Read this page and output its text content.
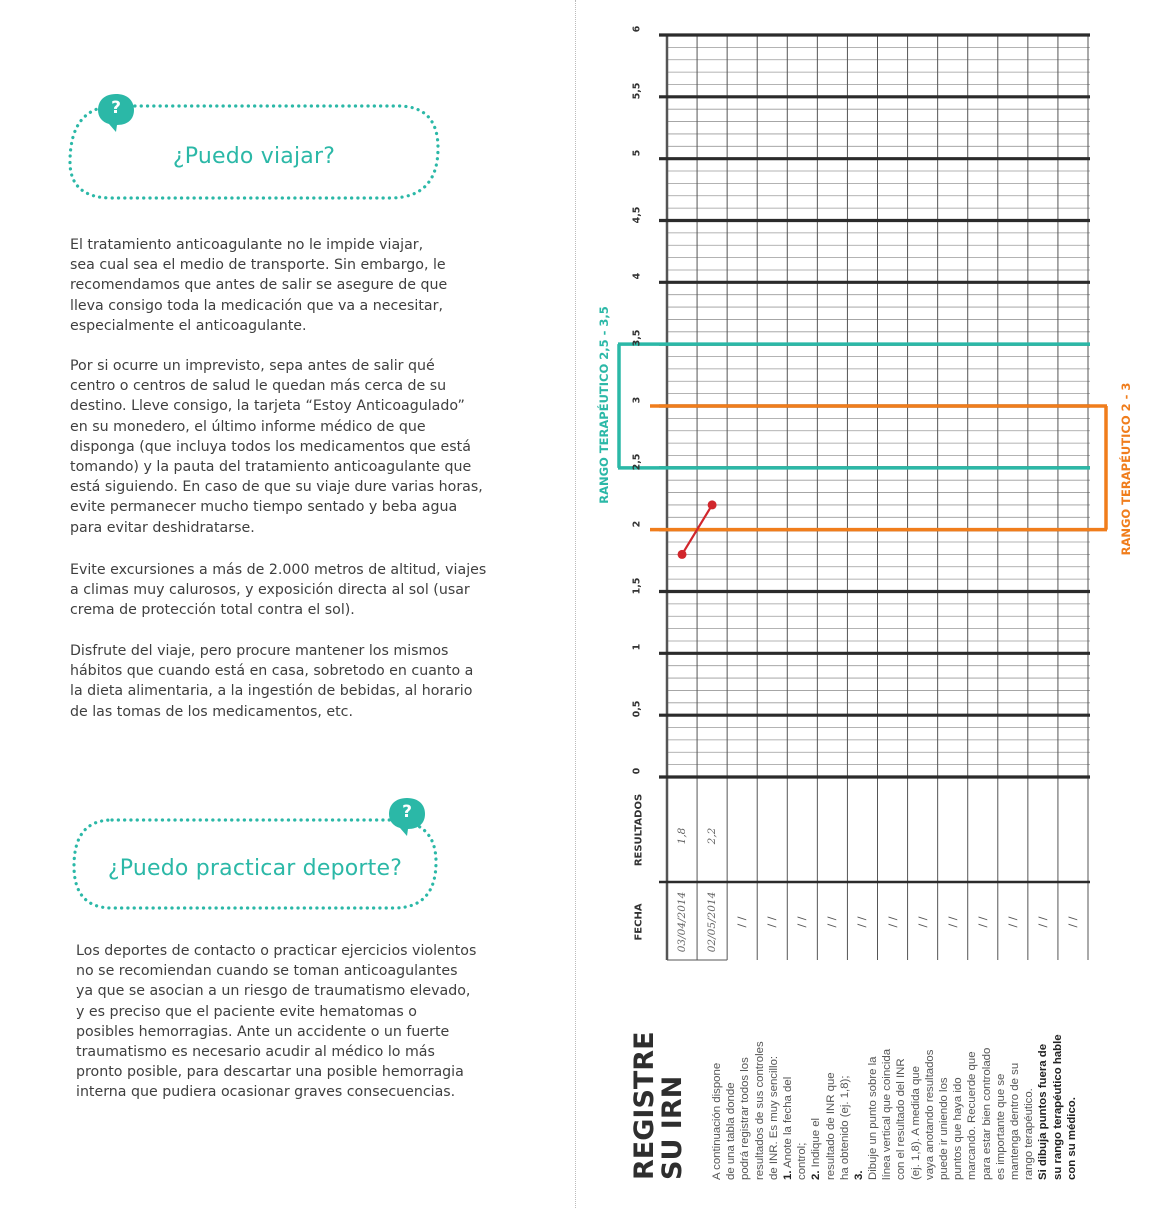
¿Puedo viajar?
?

El tratamiento anticoagulante no le impide viajar,
sea cual sea el medio de transporte. Sin embargo, le
recomendamos que antes de salir se asegure de que
lleva consigo toda la medicación que va a necesitar,
especialmente el anticoagulante.

Por si ocurre un imprevisto, sepa antes de salir qué
centro o centros de salud le quedan más cerca de su
destino. Lleve consigo, la tarjeta “Estoy Anticoagulado”
en su monedero, el último informe médico de que
disponga (que incluya todos los medicamentos que está
tomando) y la pauta del tratamiento anticoagulante que
está siguiendo. En caso de que su viaje dure varias horas,
evite permanecer mucho tiempo sentado y beba agua
para evitar deshidratarse.

Evite excursiones a más de 2.000 metros de altitud, viajes
a climas muy calurosos, y exposición directa al sol (usar
crema de protección total contra el sol).

Disfrute del viaje, pero procure mantener los mismos
hábitos que cuando está en casa, sobretodo en cuanto a
la dieta alimentaria, a la ingestión de bebidas, al horario
de las tomas de los medicamentos, etc.

¿Puedo practicar deporte?
?

Los deportes de contacto o practicar ejercicios violentos
no se recomiendan cuando se toman anticoagulantes
ya que se asocian a un riesgo de traumatismo elevado,
y es preciso que el paciente evite hematomas o
posibles hemorragias. Ante un accidente o un fuerte
traumatismo es necesario acudir al médico lo más
pronto posible, para descartar una posible hemorragia
interna que pudiera ocasionar graves consecuencias.

0
0,5
1
1,5
2
2,5
3
3,5
4
4,5
5
5,5
6
RESULTADOS
FECHA
1,8
03/04/2014
2,2
02/05/2014 / / / / / / / / / / / / / / / / / / / / / / / /
RANGO TERAPÉUTICO 2,5 - 3,5	RANGO TERAPÉUTICO 2 - 3
REGISTRE
SU IRN A continuación dispone de una tabla donde podrá registrar todos los resultados de sus controles de INR. Es muy sencillo: 1. Anote la fecha del control; 2. Indique el resultado de INR que ha obtenido (ej. 1,8); 3. Dibuje un punto sobre la línea vertical que coincida con el resultado del INR (ej. 1,8). A medida que vaya anotando resultados puede ir uniendo los puntos que haya ido marcando. Recuerde que para estar bien controlado es importante que se mantenga dentro de su rango terapéutico. Si dibuja puntos fuera de su rango terapéutico hable con su médico.
